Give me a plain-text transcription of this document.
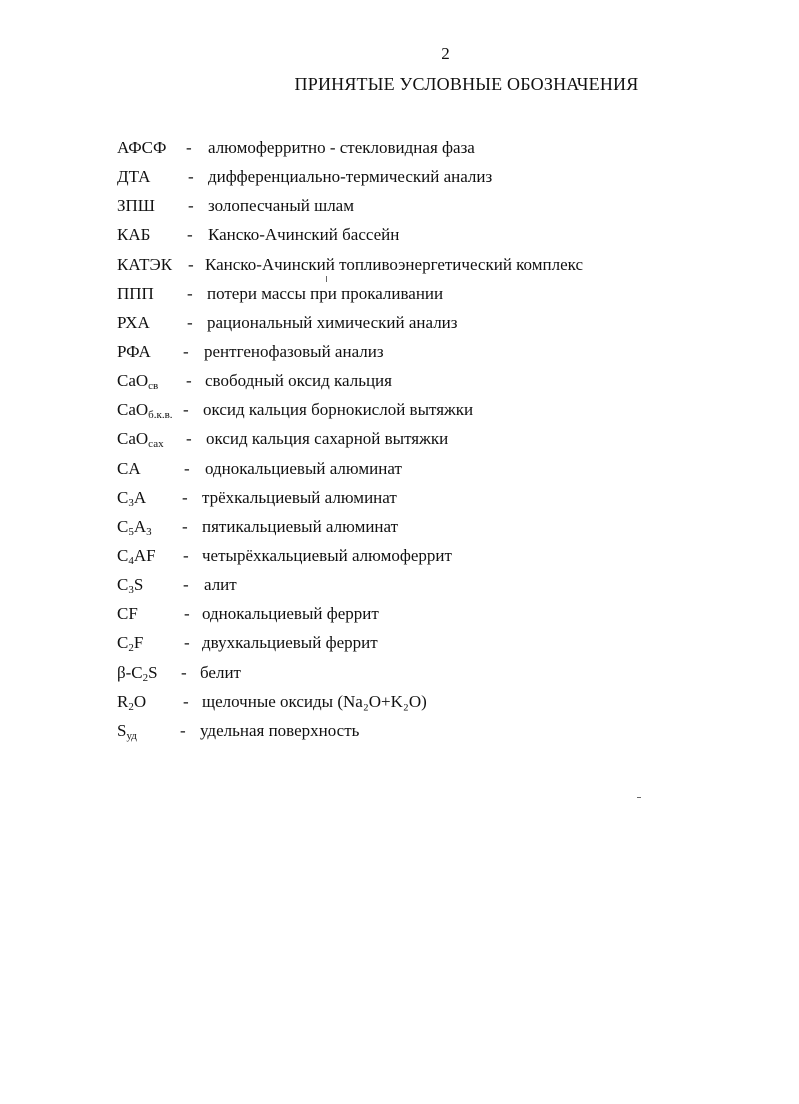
2
ПРИНЯТЫЕ УСЛОВНЫЕ ОБОЗНАЧЕНИЯ
АФСФ - алюмоферритно - стекловидная фаза
ДТА - дифференциально-термический анализ
ЗПШ - золопесчаный шлам
КАБ - Канско-Ачинский бассейн
КАТЭК - Канско-Ачинский топливоэнергетический комплекс
ППП - потери массы при прокаливании
РХА - рациональный химический анализ
РФА - рентгенофазовый анализ
CaO$_{св}$ - свободный оксид кальция
CaO$_{б.к.в.}$ - оксид кальция борнокислой вытяжки
CaO$_{сах}$ - оксид кальция сахарной вытяжки
CA	- однокальциевый алюминат
$C_3A$ - трёхкальциевый алюминат
$C_5A_3$ - пятикальциевый алюминат
$C_4AF$ - четырёхкальциевый алюмоферрит
$C_3S$ - алит
CF	- однокальциевый феррит
$C_2F$ - двухкальциевый феррит
$\beta-C_2S$ - белит
$R_2O$ - щелочные оксиды (Na₂O+K₂O)
$S_{уд}$	- удельная поверхность
